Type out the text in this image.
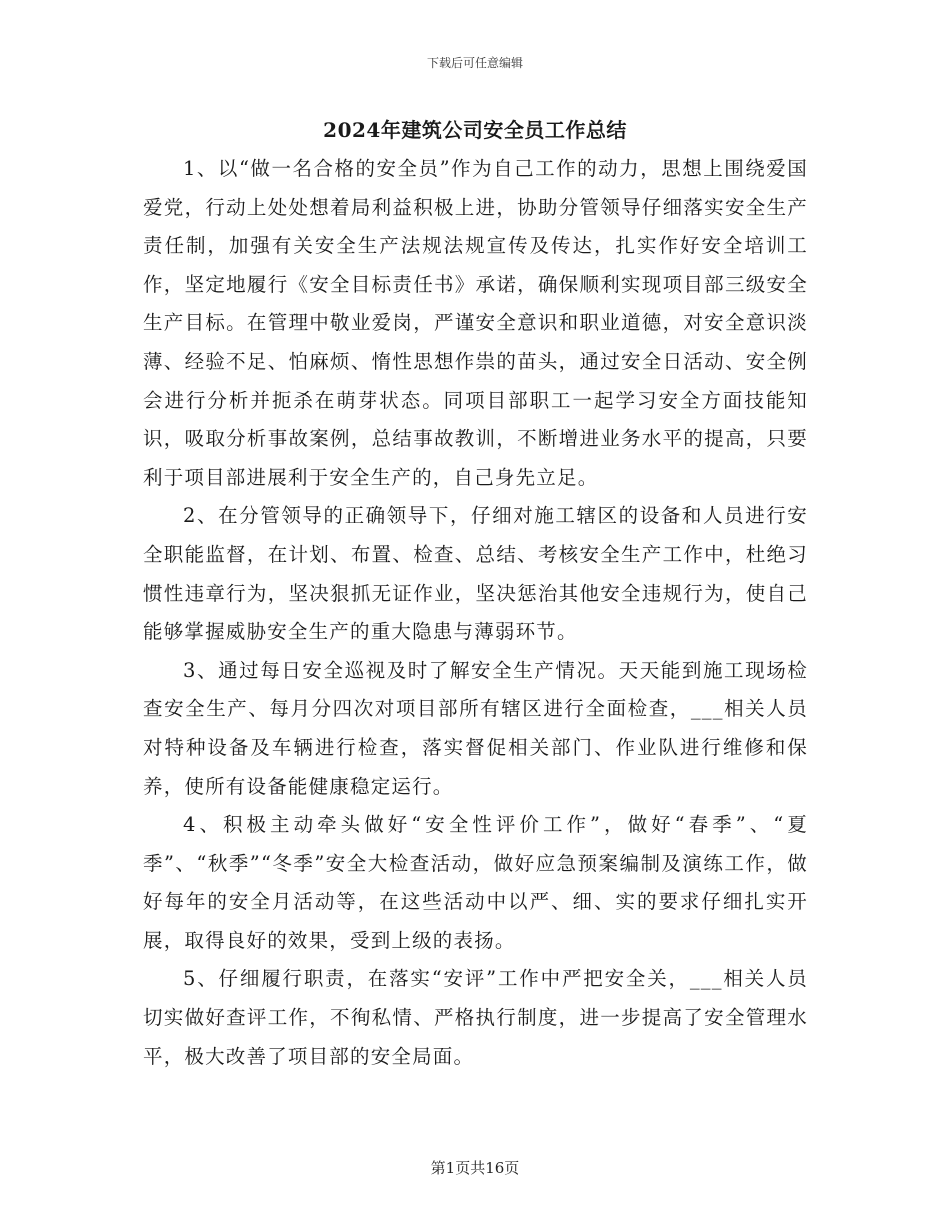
下载后可任意编辑
2024年建筑公司安全员工作总结

1、以“做一名合格的安全员”作为自己工作的动力，思想上围绕爱国爱党，行动上处处想着局利益积极上进，协助分管领导仔细落实安全生产责任制，加强有关安全生产法规法规宣传及传达，扎实作好安全培训工作，坚定地履行《安全目标责任书》承诺，确保顺利实现项目部三级安全生产目标。在管理中敬业爱岗，严谨安全意识和职业道德，对安全意识淡薄、经验不足、怕麻烦、惰性思想作祟的苗头，通过安全日活动、安全例会进行分析并扼杀在萌芽状态。同项目部职工一起学习安全方面技能知识，吸取分析事故案例，总结事故教训，不断增进业务水平的提高，只要利于项目部进展利于安全生产的，自己身先立足。

2、在分管领导的正确领导下，仔细对施工辖区的设备和人员进行安全职能监督，在计划、布置、检查、总结、考核安全生产工作中，杜绝习惯性违章行为，坚决狠抓无证作业，坚决惩治其他安全违规行为，使自己能够掌握威胁安全生产的重大隐患与薄弱环节。

3、通过每日安全巡视及时了解安全生产情况。天天能到施工现场检查安全生产、每月分四次对项目部所有辖区进行全面检查，___相关人员对特种设备及车辆进行检查，落实督促相关部门、作业队进行维修和保养，使所有设备能健康稳定运行。

4、积极主动牵头做好“安全性评价工作”，做好“春季”、“夏季”、“秋季”“冬季”安全大检查活动，做好应急预案编制及演练工作，做好每年的安全月活动等，在这些活动中以严、细、实的要求仔细扎实开展，取得良好的效果，受到上级的表扬。

5、仔细履行职责，在落实“安评”工作中严把安全关，___相关人员切实做好查评工作，不徇私情、严格执行制度，进一步提高了安全管理水平，极大改善了项目部的安全局面。

第1页共16页
